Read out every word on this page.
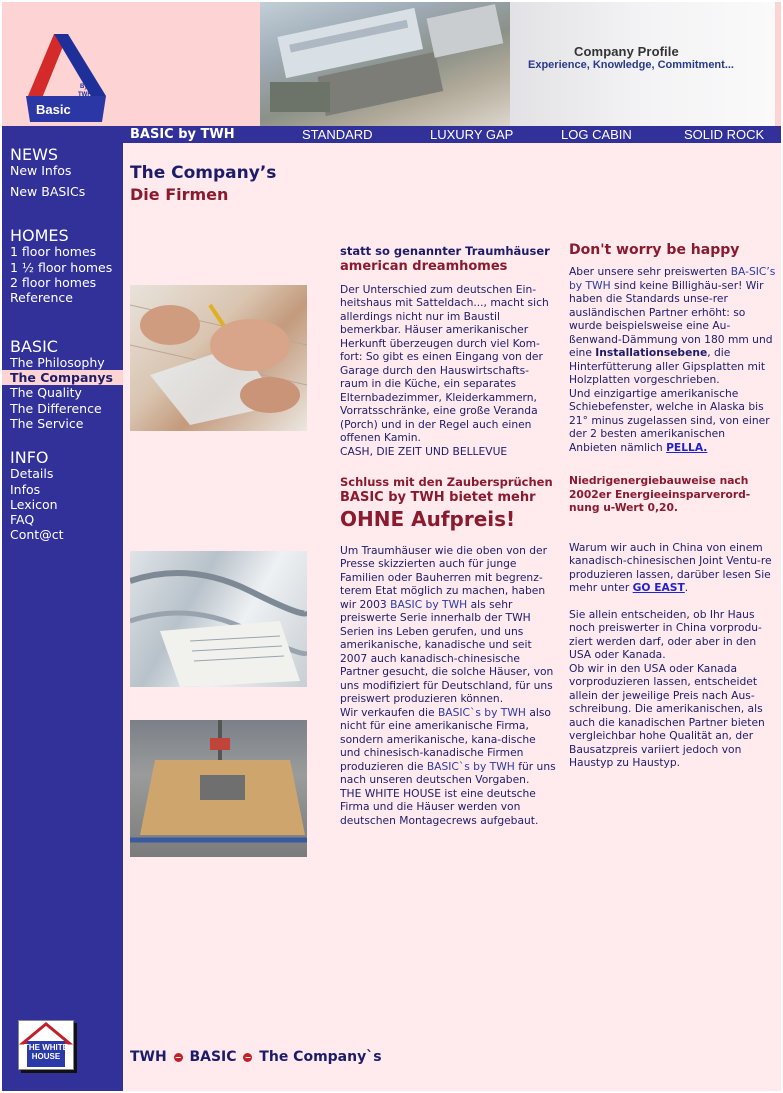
Basic
By
TWH
Company Profile
Experience, Knowledge, Commitment...
BASIC by TWH	STANDARD	LUXURY GAP	LOG CABIN	SOLID ROCK
NEWS
New Infos
New BASICs
HOMES
1 floor homes
1 ½ floor homes
2 floor homes
Reference
BASIC
The Philosophy
The Companys
The Quality
The Difference
The Service
INFO
Details
Infos
Lexicon
FAQ
Cont@ct
THE WHITE HOUSE
The Company’s
Die Firmen

statt so genannter Traumhäuser

american dreamhomes

Der Unterschied zum deutschen Ein-heitshaus mit Satteldach..., macht sich allerdings nicht nur im Baustil bemerkbar. Häuser amerikanischer Herkunft überzeugen durch viel Kom-fort: So gibt es einen Eingang von der Garage durch den Hauswirtschafts-raum in die Küche, ein separates Elternbadezimmer, Kleiderkammern, Vorratsschränke, eine große Veranda (Porch) und in der Regel auch einen offenen Kamin.

CASH, DIE ZEIT UND BELLEVUE

Schluss mit den Zaubersprüchen

BASIC by TWH bietet mehr

OHNE Aufpreis!

Um Traumhäuser wie die oben von der Presse skizzierten auch für junge Familien oder Bauherren mit begrenz-terem Etat möglich zu machen, haben wir 2003 BASIC by TWH als sehr preiswerte Serie innerhalb der TWH Serien ins Leben gerufen, und uns amerikanische, kanadische und seit 2007 auch kanadisch-chinesische Partner gesucht, die solche Häuser, von uns modifiziert für Deutschland, für uns preiswert produzieren können.

Wir verkaufen die BASIC`s by TWH also nicht für eine amerikanische Firma, sondern amerikanische, kana-dische und chinesisch-kanadische Firmen produzieren die BASIC`s by TWH für uns nach unseren deutschen Vorgaben.

THE WHITE HOUSE ist eine deutsche Firma und die Häuser werden von deutschen Montagecrews aufgebaut.

Don't worry be happy

Aber unsere sehr preiswerten BA-SIC’s by TWH sind keine Billighäu-ser! Wir haben die Standards unse-rer ausländischen Partner erhöht: so wurde beispielsweise eine Au-ßenwand-Dämmung von 180 mm und eine Installationsebene, die Hinterfütterung aller Gipsplatten mit Holzplatten vorgeschrieben.

Und einzigartige amerikanische Schiebefenster, welche in Alaska bis 21° minus zugelassen sind, von einer der 2 besten amerikanischen Anbieten nämlich PELLA.

Niedrigenergiebauweise nach 2002er Energieeinsparverord-nung u-Wert 0,20.

Warum wir auch in China von einem kanadisch-chinesischen Joint Ventu-re produzieren lassen, darüber lesen Sie mehr unter GO EAST.

Sie allein entscheiden, ob Ihr Haus noch preiswerter in China vorprodu-ziert werden darf, oder aber in den USA oder Kanada.

Ob wir in den USA oder Kanada vorproduzieren lassen, entscheidet allein der jeweilige Preis nach Aus-schreibung. Die amerikanischen, als auch die kanadischen Partner bieten vergleichbar hohe Qualität an, der Bausatzpreis variiert jedoch von Haustyp zu Haustyp.

TWH − BASIC − The Company`s
